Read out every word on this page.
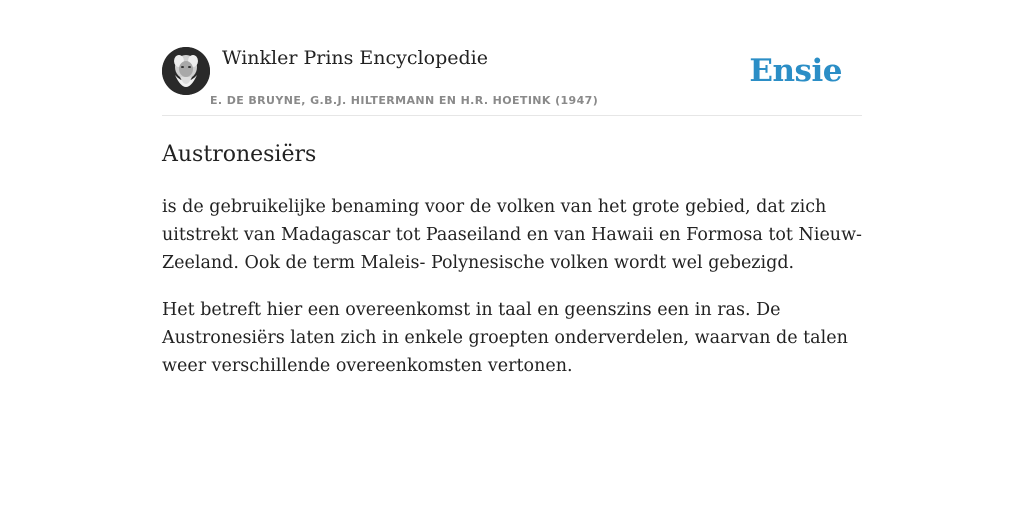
Winkler Prins Encyclopedie
E. DE BRUYNE, G.B.J. HILTERMANN EN H.R. HOETINK (1947)
Ensie
Austronesiërs

is de gebruikelijke benaming voor de volken van het grote gebied, dat zich uitstrekt van Madagascar tot Paaseiland en van Hawaii en Formosa tot Nieuw-Zeeland. Ook de term Maleis- Polynesische volken wordt wel gebezigd.

Het betreft hier een overeenkomst in taal en geenszins een in ras. De Austronesiërs laten zich in enkele groepten onderverdelen, waarvan de talen weer verschillende overeenkomsten vertonen.
